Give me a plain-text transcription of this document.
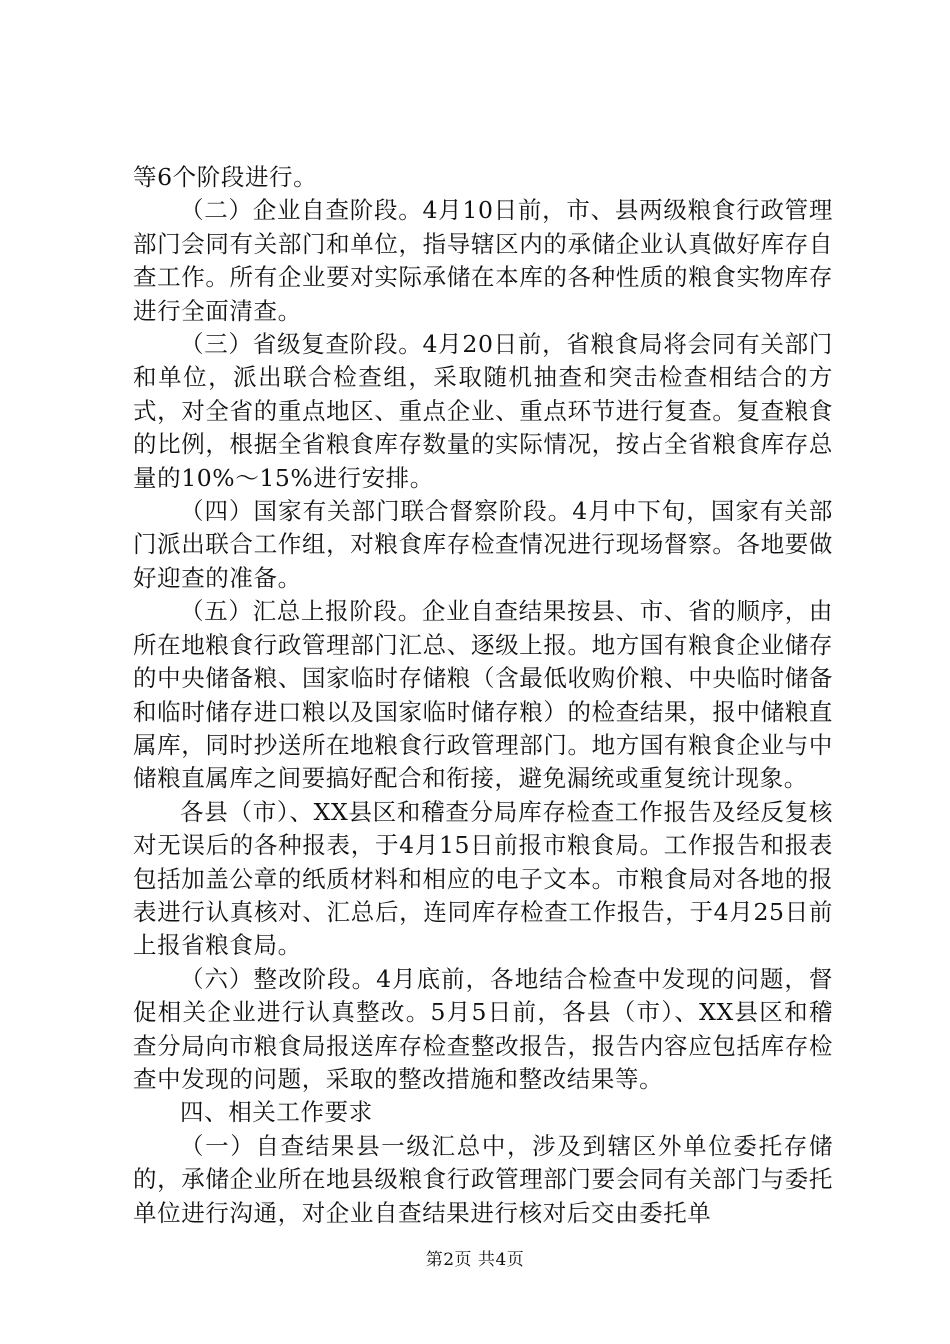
等6个阶段进行。

（二）企业自查阶段。4月10日前，市、县两级粮食行政管理部门会同有关部门和单位，指导辖区内的承储企业认真做好库存自查工作。所有企业要对实际承储在本库的各种性质的粮食实物库存进行全面清查。

（三）省级复查阶段。4月20日前，省粮食局将会同有关部门和单位，派出联合检查组，采取随机抽查和突击检查相结合的方式，对全省的重点地区、重点企业、重点环节进行复查。复查粮食的比例，根据全省粮食库存数量的实际情况，按占全省粮食库存总量的10%～15%进行安排。

（四）国家有关部门联合督察阶段。4月中下旬，国家有关部门派出联合工作组，对粮食库存检查情况进行现场督察。各地要做好迎查的准备。

（五）汇总上报阶段。企业自查结果按县、市、省的顺序，由所在地粮食行政管理部门汇总、逐级上报。地方国有粮食企业储存的中央储备粮、国家临时存储粮（含最低收购价粮、中央临时储备和临时储存进口粮以及国家临时储存粮）的检查结果，报中储粮直属库，同时抄送所在地粮食行政管理部门。地方国有粮食企业与中储粮直属库之间要搞好配合和衔接，避免漏统或重复统计现象。

各县（市）、XX县区和稽查分局库存检查工作报告及经反复核对无误后的各种报表，于4月15日前报市粮食局。工作报告和报表包括加盖公章的纸质材料和相应的电子文本。市粮食局对各地的报表进行认真核对、汇总后，连同库存检查工作报告，于4月25日前上报省粮食局。

（六）整改阶段。4月底前，各地结合检查中发现的问题，督促相关企业进行认真整改。5月5日前，各县（市）、XX县区和稽查分局向市粮食局报送库存检查整改报告，报告内容应包括库存检查中发现的问题，采取的整改措施和整改结果等。

四、相关工作要求

（一）自查结果县一级汇总中，涉及到辖区外单位委托存储的，承储企业所在地县级粮食行政管理部门要会同有关部门与委托单位进行沟通，对企业自查结果进行核对后交由委托单

第2页 共4页
